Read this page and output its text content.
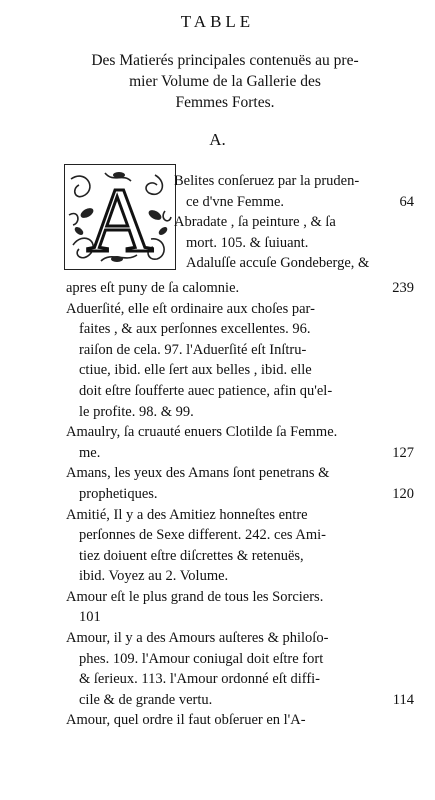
TABLE
Des Matierés principales contenuës au pre-
mier Volume de la Gallerie des
Femmes Fortes.
A.
A	Belites conſeruez par la pruden-
ce d'vne Femme.	64
Abradate , ſa peinture , & ſa
mort. 105. & ſuiuant.
Adaluſſe accuſe Gondeberge, &
apres eſt puny de ſa calomnie.	239
Aduerſité, elle eſt ordinaire aux choſes par-
faites , & aux perſonnes excellentes. 96.
raiſon de cela. 97. l'Aduerſité eſt Inſtru-
ctiue, ibid. elle ſert aux belles , ibid. elle
doit eſtre ſoufferte auec patience, afin qu'el-
le profite. 98. & 99.
Amaulry, ſa cruauté enuers Clotilde ſa Femme.
me.	127
Amans, les yeux des Amans ſont penetrans &
prophetiques.	120
Amitié, Il y a des Amitiez honneſtes entre
perſonnes de Sexe different. 242. ces Ami-
tiez doiuent eſtre diſcrettes & retenuës,
ibid. Voyez au 2. Volume.
Amour eſt le plus grand de tous les Sorciers.
101
Amour, il y a des Amours auſteres & philoſo-
phes. 109. l'Amour coniugal doit eſtre fort
& ſerieux. 113. l'Amour ordonné eſt diffi-
cile & de grande vertu.	114
Amour, quel ordre il faut obſeruer en l'A-
